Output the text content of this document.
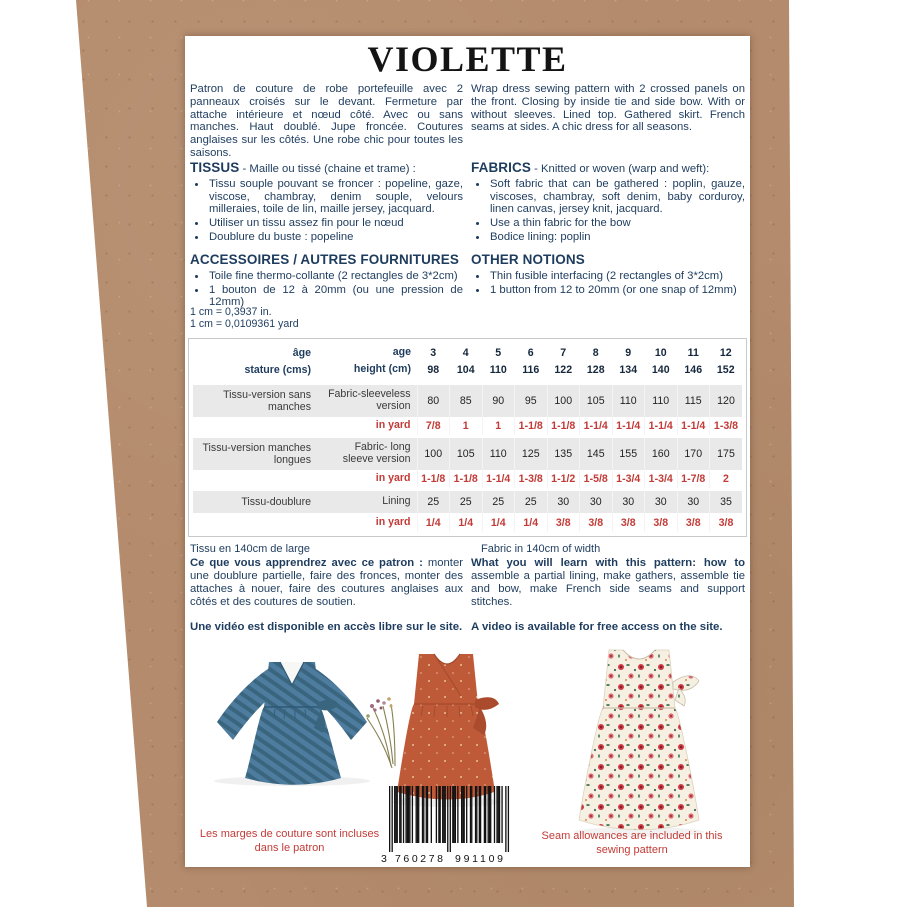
VIOLETTE

Patron de couture de robe portefeuille avec 2 panneaux croisés sur le devant. Fermeture par attache intérieure et nœud côté. Avec ou sans manches. Haut doublé. Jupe froncée. Coutures anglaises sur les côtés. Une robe chic pour toutes les saisons.

Wrap dress sewing pattern with 2 crossed panels on the front. Closing by inside tie and side bow. With or without sleeves. Lined top. Gathered skirt. French seams at sides. A chic dress for all seasons.

TISSUS - Maille ou tissé (chaine et trame) :
• Tissu souple pouvant se froncer : popeline, gaze, viscose, chambray, denim souple, velours milleraies, toile de lin, maille jersey, jacquard.
• Utiliser un tissu assez fin pour le nœud
• Doublure du buste : popeline
FABRICS - Knitted or woven (warp and weft):
• Soft fabric that can be gathered : poplin, gauze, viscoses, chambray, soft denim, baby corduroy, linen canvas, jersey knit, jacquard.
• Use a thin fabric for the bow
• Bodice lining: poplin
ACCESSOIRES / AUTRES FOURNITURES
• Toile fine thermo-collante (2 rectangles de 3*2cm)
• 1 bouton de 12 à 20mm (ou une pression de 12mm)
OTHER NOTIONS
• Thin fusible interfacing (2 rectangles of 3*2cm)
• 1 button from 12 to 20mm (or one snap of 12mm)
1 cm = 0,3937 in.
1 cm = 0,0109361 yard
âge	age	3	4	5	6	7	8	9	10	11	12
stature (cms)	height (cm)	98	104	110	116	122	128	134	140	146	152
Tissu-version sans manches	Fabric-sleeveless version	80	85	90	95	100	105	110	110	115	120
	in yard	7/8	1	1	1-1/8	1-1/8	1-1/4	1-1/4	1-1/4	1-1/4	1-3/8
Tissu-version manches longues	Fabric- long sleeve version	100	105	110	125	135	145	155	160	170	175
	in yard	1-1/8	1-1/8	1-1/4	1-3/8	1-1/2	1-5/8	1-3/4	1-3/4	1-7/8	2
Tissu-doublure	Lining	25	25	25	25	30	30	30	30	30	35
	in yard	1/4	1/4	1/4	1/4	3/8	3/8	3/8	3/8	3/8	3/8
Tissu en 140cm de large	Fabric in 140cm of width

Ce que vous apprendrez avec ce patron : monter une doublure partielle, faire des fronces, monter des attaches à nouer, faire des coutures anglaises aux côtés et des coutures de soutien.

What you will learn with this pattern: how to assemble a partial lining, make gathers, assemble tie and bow, make French side seams and support stitches.

Une vidéo est disponible en accès libre sur le site. A video is available for free access on the site.

Les marges de couture sont incluses dans le patron
3 760278 991109
Seam allowances are included in this sewing pattern
